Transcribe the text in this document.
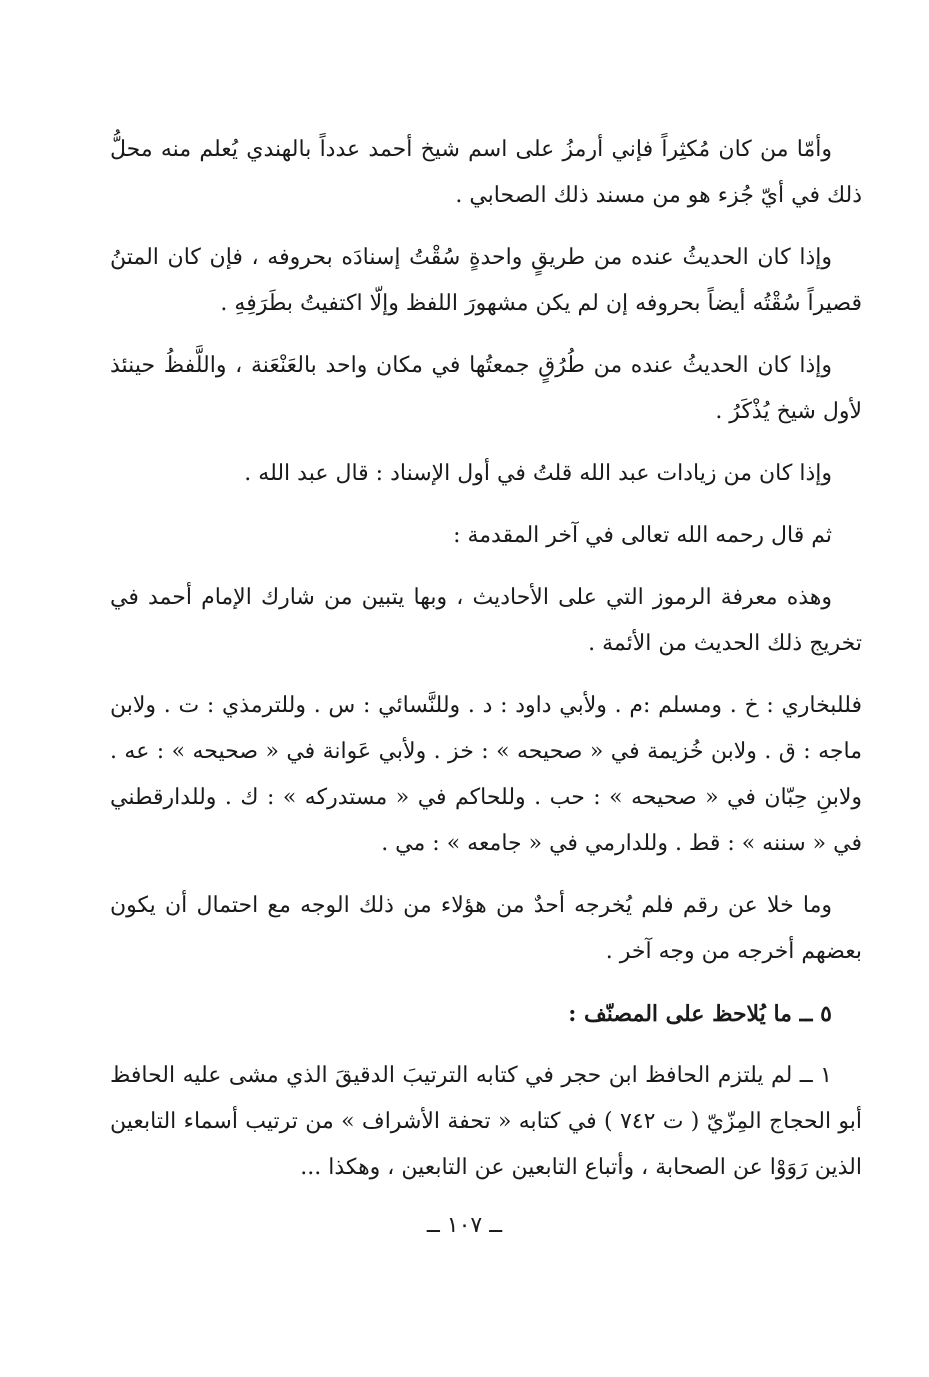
وأمّا من كان مُكثِراً فإني أرمزُ على اسم شيخ أحمد عدداً بالهندي يُعلم منه محلُّ ذلك في أيّ جُزء هو من مسند ذلك الصحابي .

وإذا كان الحديثُ عنده من طريقٍ واحدةٍ سُقْتُ إسنادَه بحروفه ، فإن كان المتنُ قصيراً سُقْتُه أيضاً بحروفه إن لم يكن مشهورَ اللفظ وإلّا اكتفيتُ بطَرَفِهِ .

وإذا كان الحديثُ عنده من طُرُقٍ جمعتُها في مكان واحد بالعَنْعَنة ، واللَّفظُ حينئذ لأول شيخ يُذْكَرُ .

وإذا كان من زيادات عبد الله قلتُ في أول الإسناد : قال عبد الله .

ثم قال رحمه الله تعالى في آخر المقدمة :

وهذه معرفة الرموز التي على الأحاديث ، وبها يتبين من شارك الإمام أحمد في تخريج ذلك الحديث من الأئمة .

فللبخاري : خ . ومسلم :م . ولأبي داود : د . وللنَّسائي : س . وللترمذي : ت . ولابن ماجه : ق . ولابن خُزيمة في « صحيحه » : خز . ولأبي عَوانة في « صحيحه » : عه . ولابنِ حِبّان في « صحيحه » : حب . وللحاكم في « مستدركه » : ك . وللدارقطني في « سننه » : قط . وللدارمي في « جامعه » : مي .

وما خلا عن رقم فلم يُخرجه أحدٌ من هؤلاء من ذلك الوجه مع احتمال أن يكون بعضهم أخرجه من وجه آخر .

٥ ــ ما يُلاحظ على المصنّف :

١ ــ لم يلتزم الحافظ ابن حجر في كتابه الترتيبَ الدقيقَ الذي مشى عليه الحافظ أبو الحجاج المِزّيّ ( ت ٧٤٢ ) في كتابه « تحفة الأشراف » من ترتيب أسماء التابعين الذين رَوَوْا عن الصحابة ، وأتباع التابعين عن التابعين ، وهكذا ...

ــ ١٠٧ ــ
